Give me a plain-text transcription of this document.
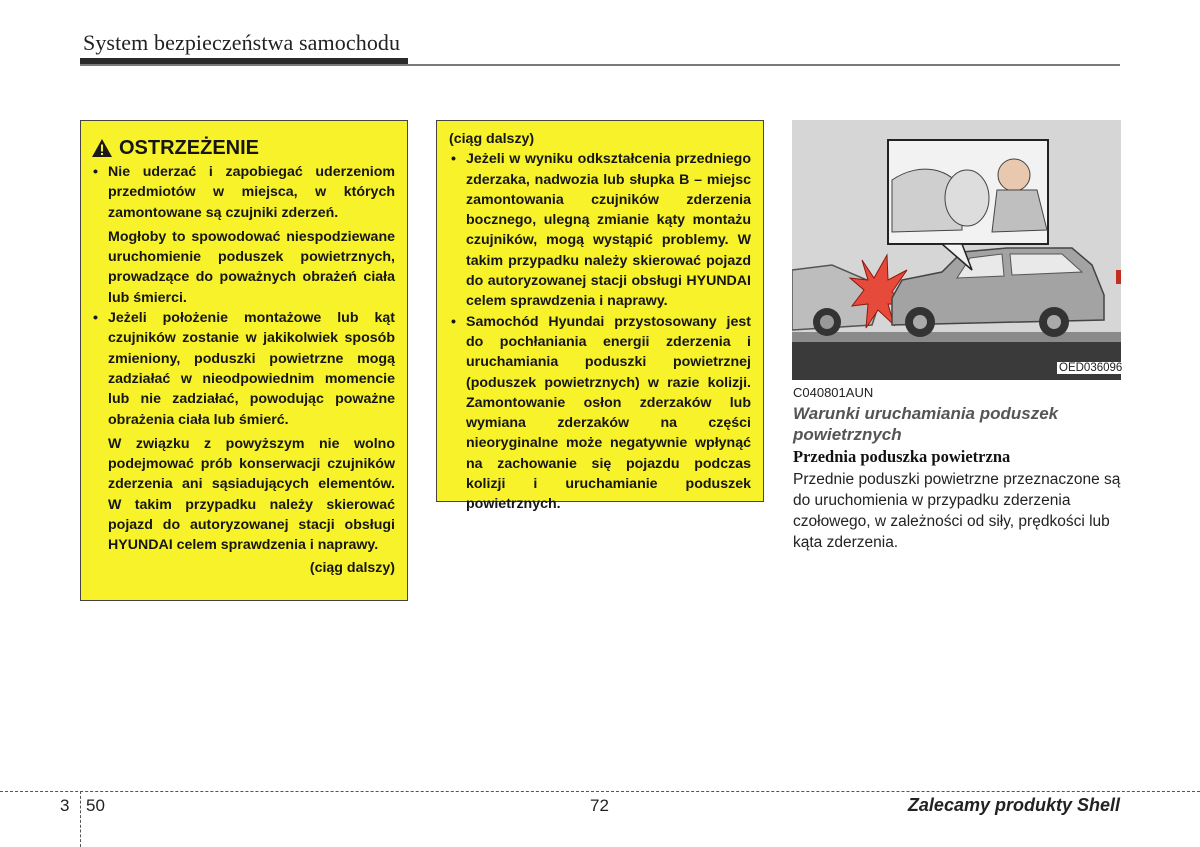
System bezpieczeństwa samochodu
OSTRZEŻENIE
• Nie uderzać i zapobiegać uderzeniom przedmiotów w miejsca, w których zamontowane są czujniki zderzeń.
Mogłoby to spowodować niespodziewane uruchomienie poduszek powietrznych, prowadzące do poważnych obrażeń ciała lub śmierci.
• Jeżeli położenie montażowe lub kąt czujników zostanie w jakikolwiek sposób zmieniony, poduszki powietrzne mogą zadziałać w nieodpowiednim momencie lub nie zadziałać, powodując poważne obrażenia ciała lub śmierć.
W związku z powyższym nie wolno podejmować prób konserwacji czujników zderzenia ani sąsiadujących elementów. W takim przypadku należy skierować pojazd do autoryzowanej stacji obsługi HYUNDAI celem sprawdzenia i naprawy.
(ciąg dalszy)
(ciąg dalszy)
• Jeżeli w wyniku odkształcenia przedniego zderzaka, nadwozia lub słupka B – miejsc zamontowania czujników zderzenia bocznego, ulegną zmianie kąty montażu czujników, mogą wystąpić problemy. W takim przypadku należy skierować pojazd do autoryzowanej stacji obsługi HYUNDAI celem sprawdzenia i naprawy.
• Samochód Hyundai przystosowany jest do pochłaniania energii zderzenia i uruchamiania poduszki powietrznej (poduszek powietrznych) w razie kolizji. Zamontowanie osłon zderzaków lub wymiana zderzaków na części nieoryginalne może negatywnie wpłynąć na zachowanie się pojazdu podczas kolizji i uruchamianie poduszek powietrznych.
OED036096
C040801AUN
Warunki uruchamiania poduszek powietrznych
Przednia poduszka powietrzna
Przednie poduszki powietrzne przeznaczone są do uruchomienia w przypadku zderzenia czołowego, w zależności od siły, prędkości lub kąta zderzenia.
3 50	72	Zalecamy produkty Shell
